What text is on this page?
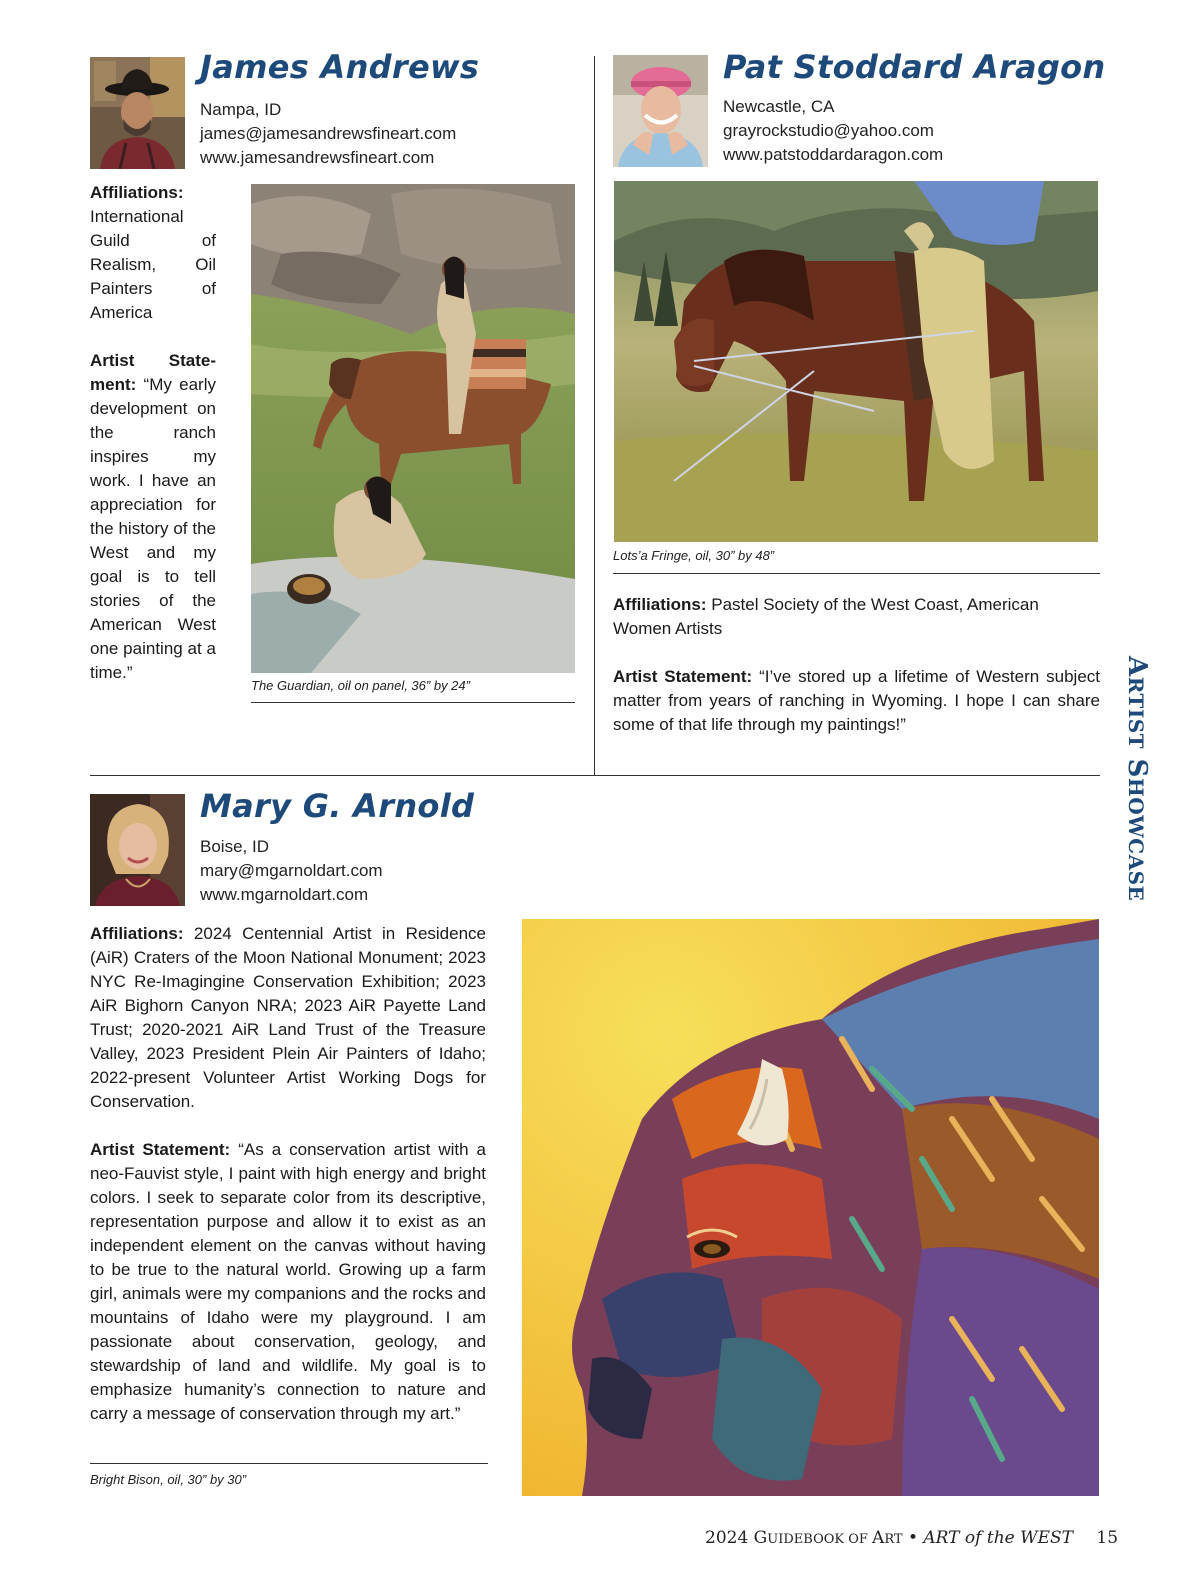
James Andrews
Nampa, ID
james@jamesandrewsfineart.com
www.jamesandrewsfineart.com

Affiliations:
International Guild of Realism, Oil Painters of America

Artist State-ment: “My early development on the ranch inspires my work. I have an appreciation for the history of the West and my goal is to tell stories of the American West one painting at a time.”

The Guardian, oil on panel, 36” by 24”
Pat Stoddard Aragon
Newcastle, CA
grayrockstudio@yahoo.com
www.patstoddardaragon.com
Lots’a Fringe, oil, 30” by 48”

Affiliations: Pastel Society of the West Coast, American Women Artists

Artist Statement: “I’ve stored up a lifetime of Western subject matter from years of ranching in Wyoming. I hope I can share some of that life through my paintings!”

ARTIST SHOWCASE
Mary G. Arnold
Boise, ID
mary@mgarnoldart.com
www.mgarnoldart.com

Affiliations: 2024 Centennial Artist in Residence (AiR) Craters of the Moon National Monument; 2023 NYC Re-Imagingine Conservation Exhibition; 2023 AiR Bighorn Canyon NRA; 2023 AiR Payette Land Trust; 2020-2021 AiR Land Trust of the Treasure Valley, 2023 President Plein Air Painters of Idaho; 2022-present Volunteer Artist Working Dogs for Conservation.

Artist Statement: “As a conservation artist with a neo-Fauvist style, I paint with high energy and bright colors. I seek to separate color from its descriptive, representation purpose and allow it to exist as an independent element on the canvas without having to be true to the natural world. Growing up a farm girl, animals were my companions and the rocks and mountains of Idaho were my playground. I am passionate about conservation, geology, and stewardship of land and wildlife. My goal is to emphasize humanity’s connection to nature and carry a message of conservation through my art.”

Bright Bison, oil, 30” by 30”
2024 GUIDEBOOK OF ART • ART of the WEST 15
